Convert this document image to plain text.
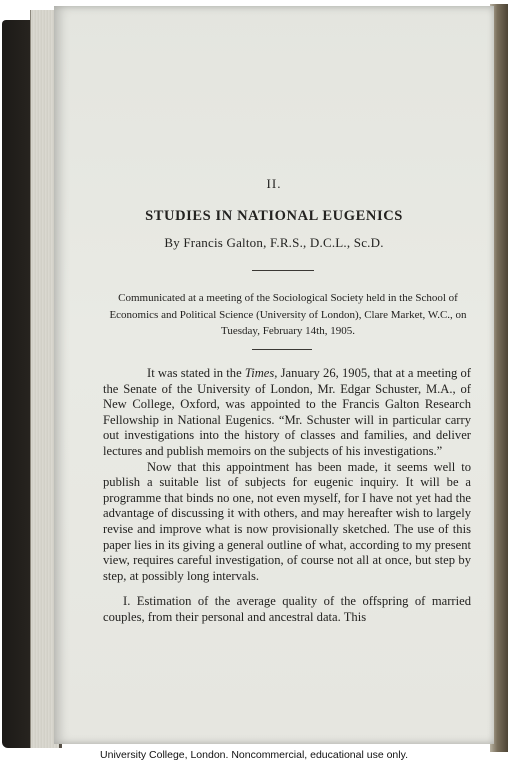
II.
STUDIES IN NATIONAL EUGENICS
By Francis Galton, F.R.S., D.C.L., Sc.D.
Communicated at a meeting of the Sociological Society held in the School of Economics and Political Science (University of London), Clare Market, W.C., on Tuesday, February 14th, 1905.

It was stated in the Times, January 26, 1905, that at a meeting of the Senate of the University of London, Mr. Edgar Schuster, M.A., of New College, Oxford, was appointed to the Francis Galton Research Fellowship in National Eugenics. “Mr. Schuster will in particular carry out investigations into the history of classes and families, and deliver lectures and publish memoirs on the subjects of his investigations.”

Now that this appointment has been made, it seems well to publish a suitable list of subjects for eugenic inquiry. It will be a programme that binds no one, not even myself, for I have not yet had the advantage of discussing it with others, and may hereafter wish to largely revise and improve what is now provisionally sketched. The use of this paper lies in its giving a general outline of what, according to my present view, requires careful investigation, of course not all at once, but step by step, at possibly long intervals.

I. Estimation of the average quality of the offspring of married couples, from their personal and ancestral data. This

University College, London. Noncommercial, educational use only.
